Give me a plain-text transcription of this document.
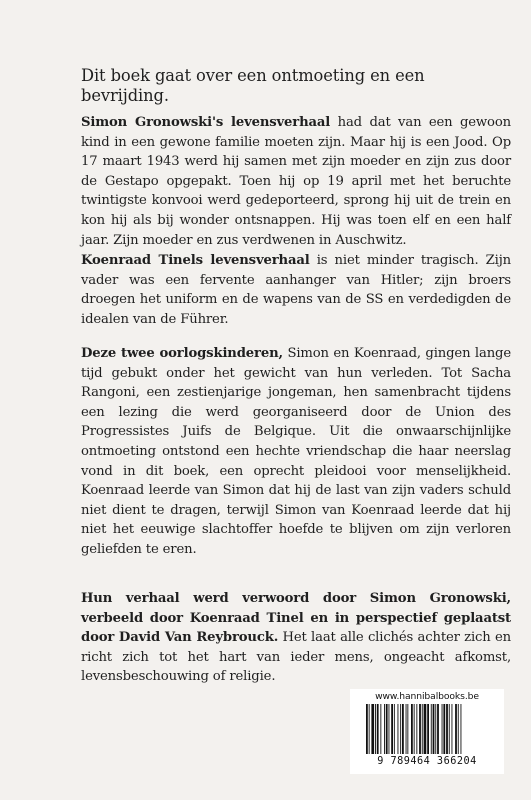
Dit boek gaat over een ontmoeting en een bevrijding.

Simon Gronowski's levensverhaal had dat van een gewoon kind in een gewone familie moeten zijn. Maar hij is een Jood. Op 17 maart 1943 werd hij samen met zijn moeder en zijn zus door de Gestapo opgepakt. Toen hij op 19 april met het beruchte twintigste konvooi werd gedeporteerd, sprong hij uit de trein en kon hij als bij wonder ontsnappen. Hij was toen elf en een half jaar. Zijn moeder en zus verdwenen in Auschwitz.

Koenraad Tinels levensverhaal is niet minder tragisch. Zijn vader was een fervente aanhanger van Hitler; zijn broers droegen het uniform en de wapens van de SS en verdedigden de idealen van de Führer.

Deze twee oorlogskinderen, Simon en Koenraad, gingen lange tijd gebukt onder het gewicht van hun verleden. Tot Sacha Rangoni, een zestienjarige jongeman, hen samenbracht tijdens een lezing die werd georganiseerd door de Union des Progressistes Juifs de Belgique. Uit die onwaarschijnlijke ontmoeting ontstond een hechte vriendschap die haar neerslag vond in dit boek, een oprecht pleidooi voor menselijkheid. Koenraad leerde van Simon dat hij de last van zijn vaders schuld niet dient te dragen, terwijl Simon van Koenraad leerde dat hij niet het eeuwige slachtoffer hoefde te blijven om zijn verloren geliefden te eren.

Hun verhaal werd verwoord door Simon Gronowski, verbeeld door Koenraad Tinel en in perspectief geplaatst door David Van Reybrouck. Het laat alle clichés achter zich en richt zich tot het hart van ieder mens, ongeacht afkomst, levensbeschouwing of religie.

www.hannibalbooks.be
9 789464 366204
